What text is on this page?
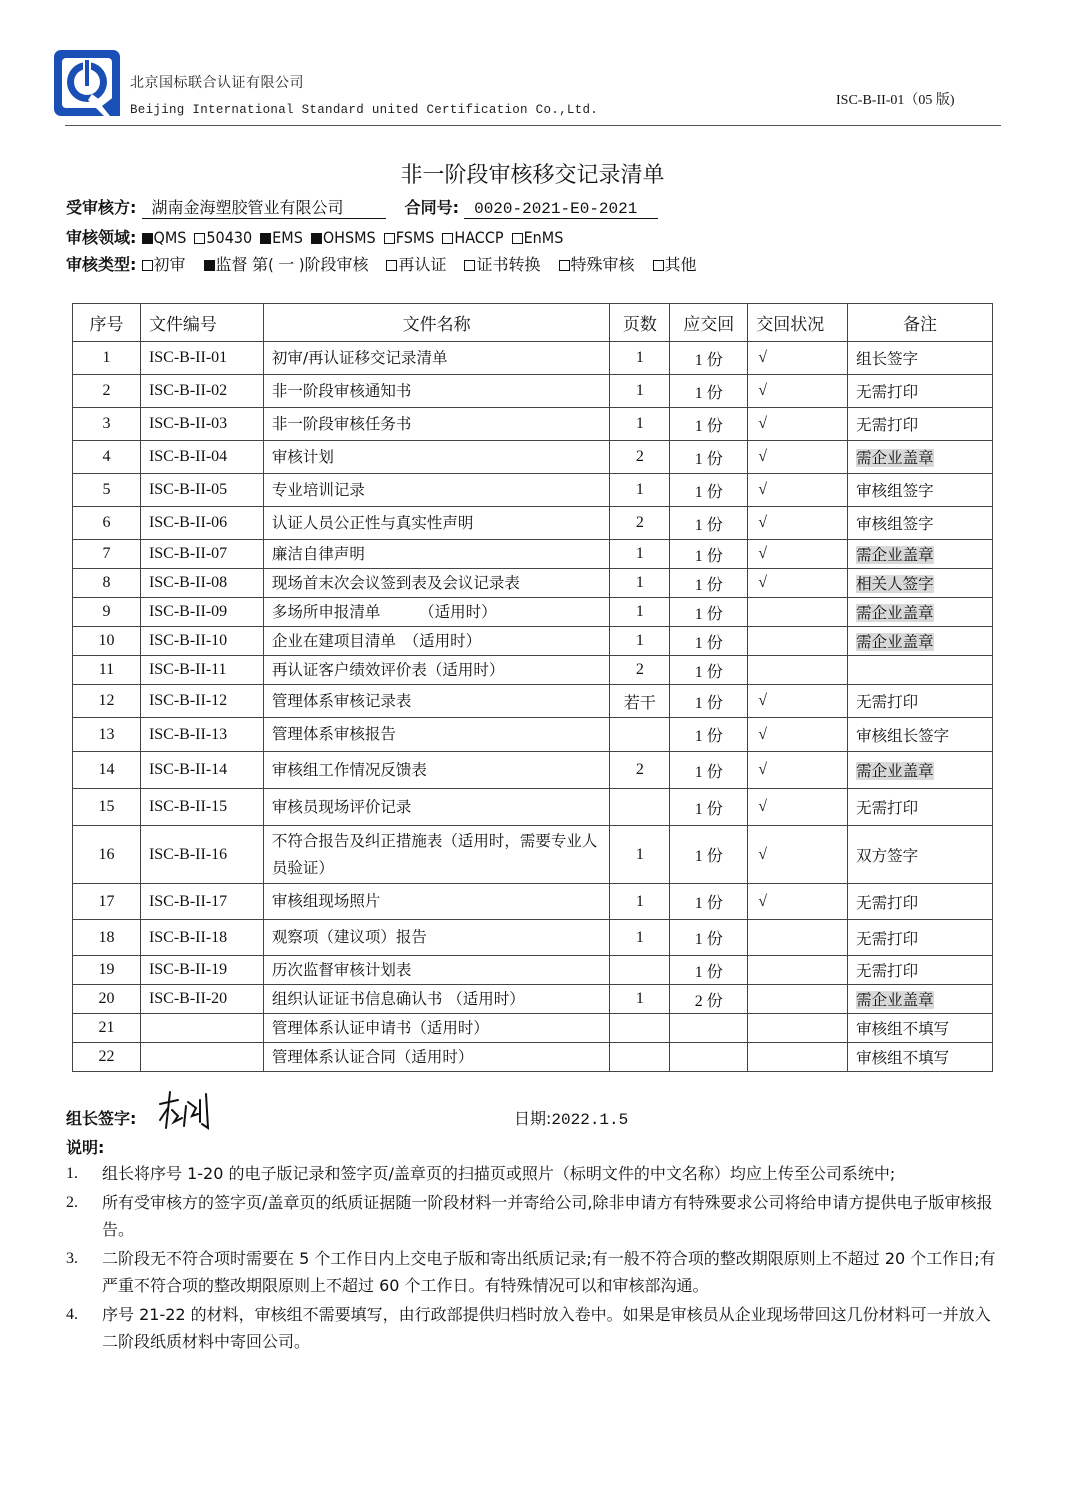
北京国标联合认证有限公司
Beijing International Standard united Certification Co.,Ltd.
ISC-B-II-01（05 版)
非一阶段审核移交记录清单
受审核方: 湖南金海塑胶管业有限公司	合同号: 0020-2021-E0-2021
审核领域: QMS 50430 EMS OHSMS FSMS HACCP EnMS
审核类型: 初审 监督 第( 一 )阶段审核 再认证 证书转换 特殊审核 其他
序号	文件编号	文件名称	页数	应交回	交回状况	备注
1	ISC-B-II-01	初审/再认证移交记录清单	1	1 份	√	组长签字
2	ISC-B-II-02	非一阶段审核通知书	1	1 份	√	无需打印
3	ISC-B-II-03	非一阶段审核任务书	1	1 份	√	无需打印
4	ISC-B-II-04	审核计划	2	1 份	√	需企业盖章
5	ISC-B-II-05	专业培训记录	1	1 份	√	审核组签字
6	ISC-B-II-06	认证人员公正性与真实性声明	2	1 份	√	审核组签字
7	ISC-B-II-07	廉洁自律声明	1	1 份	√	需企业盖章
8	ISC-B-II-08	现场首末次会议签到表及会议记录表	1	1 份	√	相关人签字
9	ISC-B-II-09	多场所申报清单　　　（适用时）	1	1 份		需企业盖章
10	ISC-B-II-10	企业在建项目清单　（适用时）	1	1 份		需企业盖章
11	ISC-B-II-11	再认证客户绩效评价表（适用时）	2	1 份		
12	ISC-B-II-12	管理体系审核记录表	若干	1 份	√	无需打印
13	ISC-B-II-13	管理体系审核报告		1 份	√	审核组长签字
14	ISC-B-II-14	审核组工作情况反馈表	2	1 份	√	需企业盖章
15	ISC-B-II-15	审核员现场评价记录		1 份	√	无需打印
16	ISC-B-II-16	不符合报告及纠正措施表（适用时，需要专业人员验证）	1	1 份	√	双方签字
17	ISC-B-II-17	审核组现场照片	1	1 份	√	无需打印
18	ISC-B-II-18	观察项（建议项）报告	1	1 份		无需打印
19	ISC-B-II-19	历次监督审核计划表		1 份		无需打印
20	ISC-B-II-20	组织认证证书信息确认书 （适用时）	1	2 份		需企业盖章
21		管理体系认证申请书（适用时）				审核组不填写
22		管理体系认证合同（适用时）				审核组不填写
组长签字:	日期:2022.1.5
说明:
1.	组长将序号 1-20 的电子版记录和签字页/盖章页的扫描页或照片（标明文件的中文名称）均应上传至公司系统中;
2.	所有受审核方的签字页/盖章页的纸质证据随一阶段材料一并寄给公司,除非申请方有特殊要求公司将给申请方提供电子版审核报告。
3.	二阶段无不符合项时需要在 5 个工作日内上交电子版和寄出纸质记录;有一般不符合项的整改期限原则上不超过 20 个工作日;有严重不符合项的整改期限原则上不超过 60 个工作日。有特殊情况可以和审核部沟通。
4.	序号 21-22 的材料，审核组不需要填写，由行政部提供归档时放入卷中。如果是审核员从企业现场带回这几份材料可一并放入二阶段纸质材料中寄回公司。
